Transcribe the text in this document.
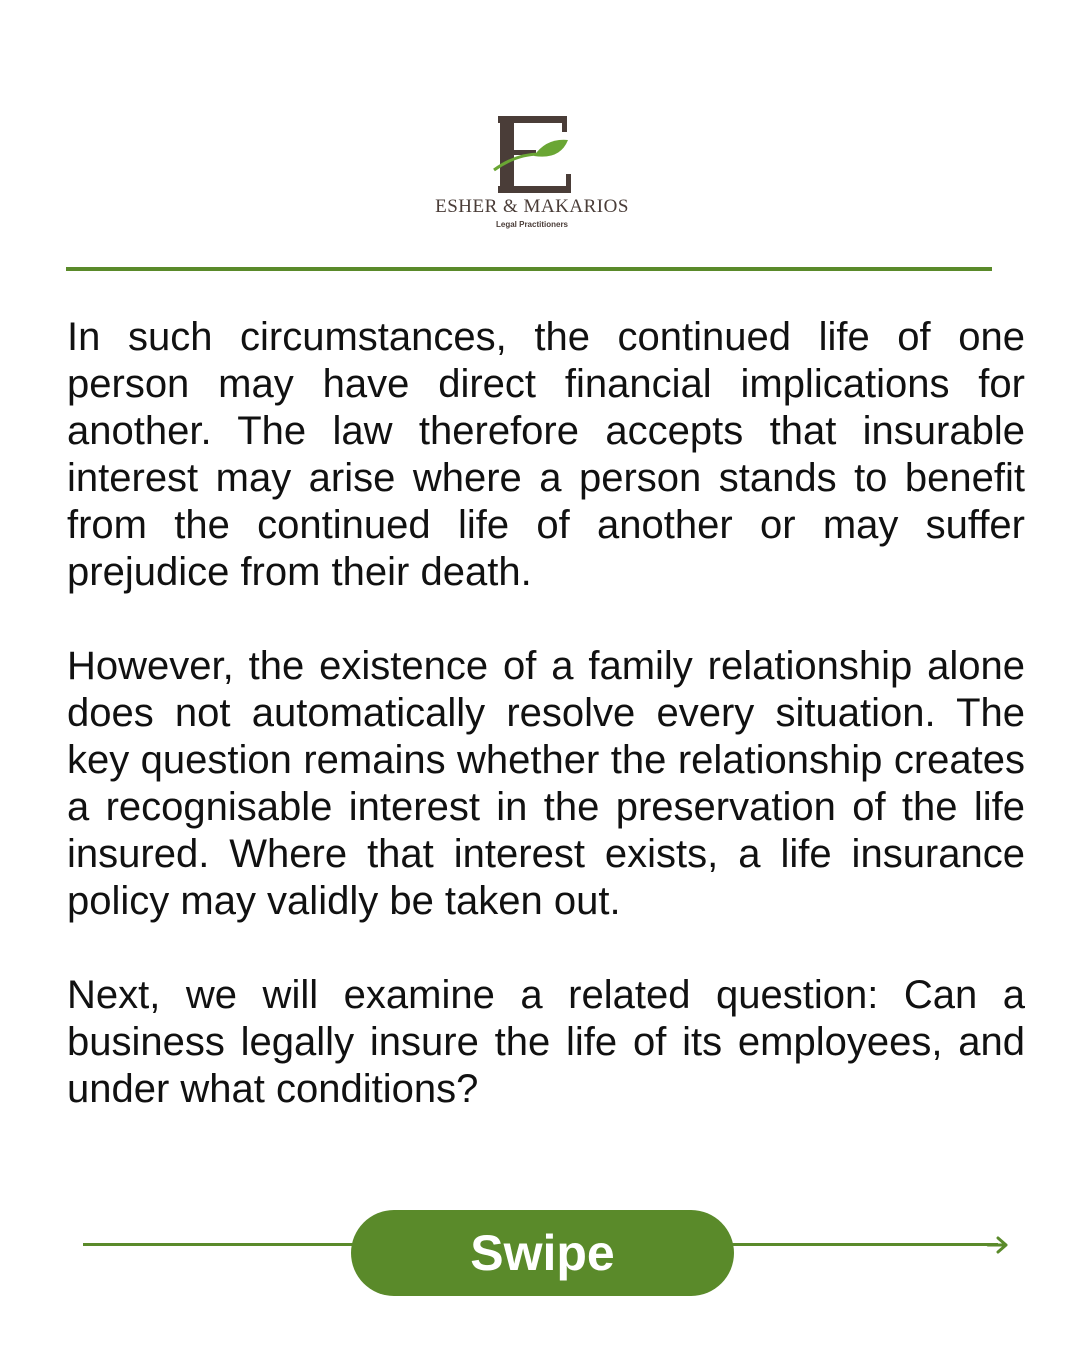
ESHER & MAKARIOS
Legal Practitioners

In such circumstances, the continued life of one person may have direct financial implications for another. The law therefore accepts that insurable interest may arise where a person stands to benefit from the continued life of another or may suffer prejudice from their death.

However, the existence of a family relationship alone does not automatically resolve every situation. The key question remains whether the relationship creates a recognisable interest in the preservation of the life insured. Where that interest exists, a life insurance policy may validly be taken out.

Next, we will examine a related question: Can a business legally insure the life of its employees, and under what conditions?

Swipe
